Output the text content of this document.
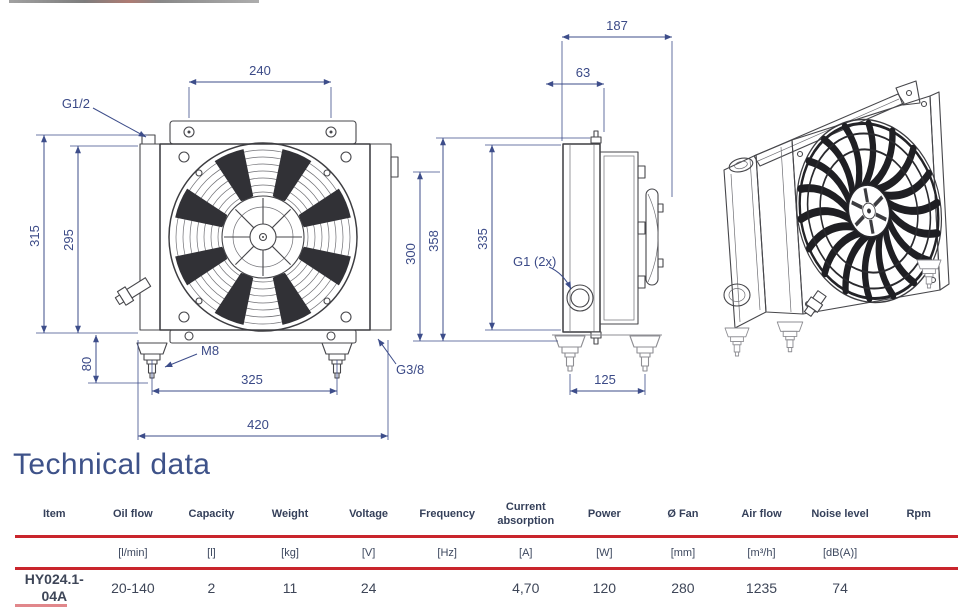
240
G1/2
315 295
80
M8
325
420
G3/8
187
63
300
358	335
G1 (2x)
125
Technical data
Item	Oil flow	Capacity	Weight	Voltage	Frequency	Current absorption	Power	Ø Fan	Air flow	Noise level	Rpm
	[l/min]	[l]	[kg]	[V]	[Hz]	[A]	[W]	[mm]	[m³/h]	[dB(A)]	

HY024.1-
04A	20-140	2	11	24		4,70	120	280	1235	74	
